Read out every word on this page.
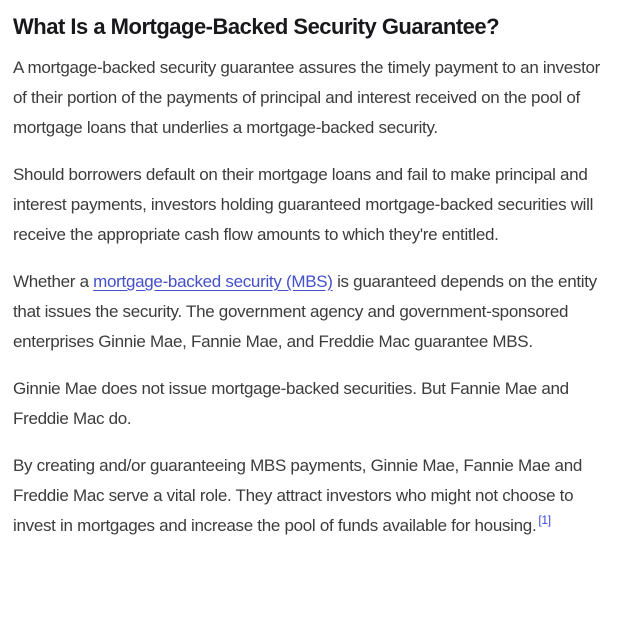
What Is a Mortgage-Backed Security Guarantee?

A mortgage-backed security guarantee assures the timely payment to an investor of their portion of the payments of principal and interest received on the pool of mortgage loans that underlies a mortgage-backed security.

Should borrowers default on their mortgage loans and fail to make principal and interest payments, investors holding guaranteed mortgage-backed securities will receive the appropriate cash flow amounts to which they're entitled.

Whether a mortgage-backed security (MBS) is guaranteed depends on the entity that issues the security. The government agency and government-sponsored enterprises Ginnie Mae, Fannie Mae, and Freddie Mac guarantee MBS.

Ginnie Mae does not issue mortgage-backed securities. But Fannie Mae and Freddie Mac do.

By creating and/or guaranteeing MBS payments, Ginnie Mae, Fannie Mae and Freddie Mac serve a vital role. They attract investors who might not choose to invest in mortgages and increase the pool of funds available for housing. [1]
